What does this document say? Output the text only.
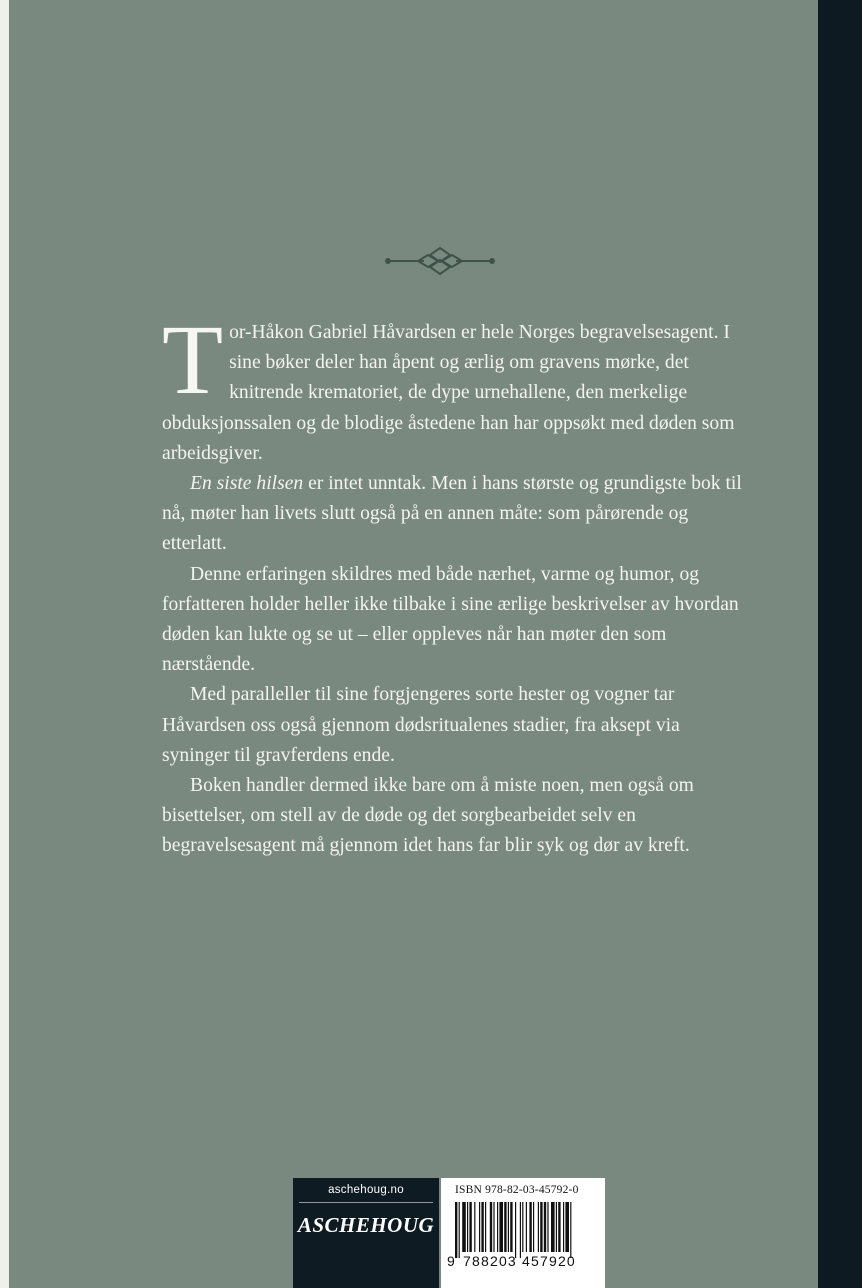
Tor-Håkon Gabriel Håvardsen er hele Norges begravelsesagent. I sine bøker deler han åpent og ærlig om gravens mørke, det knitrende krematoriet, de dype urnehallene, den merkelige obduksjonssalen og de blodige åstedene han har oppsøkt med døden som arbeidsgiver.

En siste hilsen er intet unntak. Men i hans største og grundigste bok til nå, møter han livets slutt også på en annen måte: som pårørende og etterlatt.

Denne erfaringen skildres med både nærhet, varme og humor, og forfatteren holder heller ikke tilbake i sine ærlige beskrivelser av hvordan døden kan lukte og se ut – eller oppleves når han møter den som nærstående.

Med paralleller til sine forgjengeres sorte hester og vogner tar Håvardsen oss også gjennom dødsritualenes stadier, fra aksept via syninger til gravferdens ende.

Boken handler dermed ikke bare om å miste noen, men også om bisettelser, om stell av de døde og det sorgbearbeidet selv en begravelsesagent må gjennom idet hans far blir syk og dør av kreft.

aschehoug.no
ASCHEHOUG
ISBN 978-82-03-45792-0
9 788203 457920
